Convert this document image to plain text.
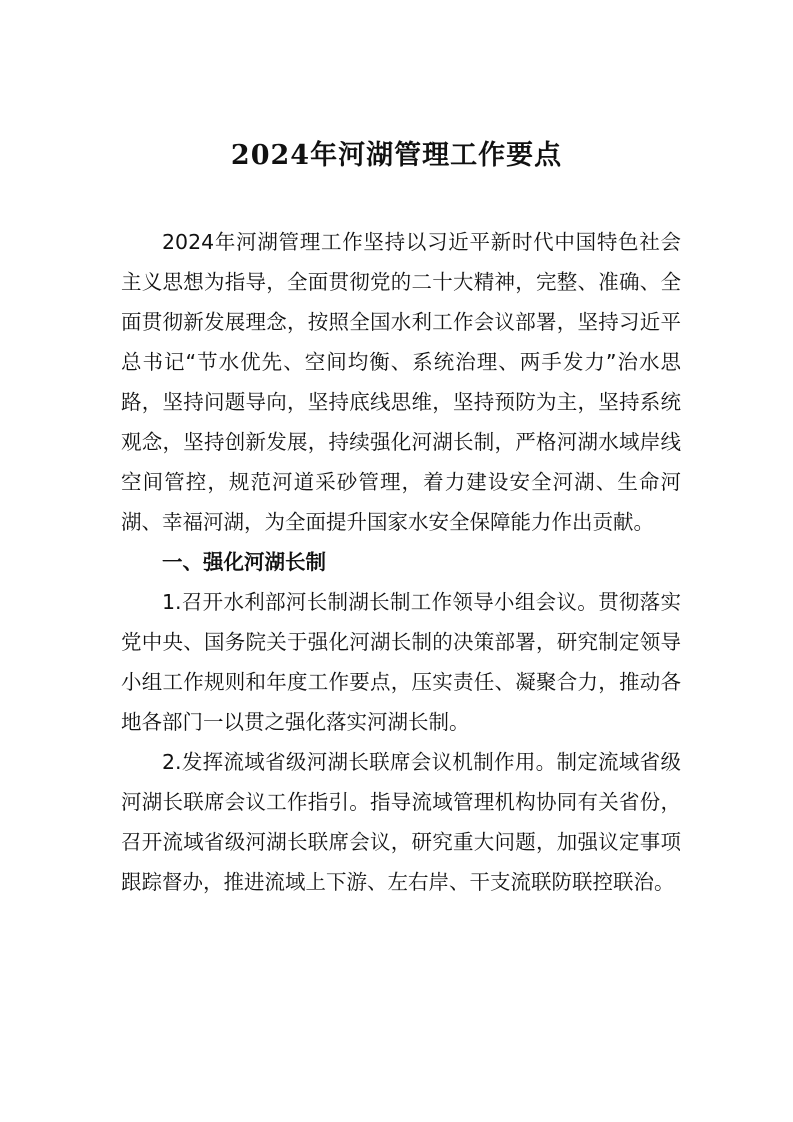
2024年河湖管理工作要点

2024年河湖管理工作坚持以习近平新时代中国特色社会主义思想为指导，全面贯彻党的二十大精神，完整、准确、全面贯彻新发展理念，按照全国水利工作会议部署，坚持习近平总书记“节水优先、空间均衡、系统治理、两手发力”治水思路，坚持问题导向，坚持底线思维，坚持预防为主，坚持系统观念，坚持创新发展，持续强化河湖长制，严格河湖水域岸线空间管控，规范河道采砂管理，着力建设安全河湖、生命河湖、幸福河湖，为全面提升国家水安全保障能力作出贡献。

一、强化河湖长制

1.召开水利部河长制湖长制工作领导小组会议。贯彻落实党中央、国务院关于强化河湖长制的决策部署，研究制定领导小组工作规则和年度工作要点，压实责任、凝聚合力，推动各地各部门一以贯之强化落实河湖长制。

2.发挥流域省级河湖长联席会议机制作用。制定流域省级河湖长联席会议工作指引。指导流域管理机构协同有关省份，召开流域省级河湖长联席会议，研究重大问题，加强议定事项跟踪督办，推进流域上下游、左右岸、干支流联防联控联治。
